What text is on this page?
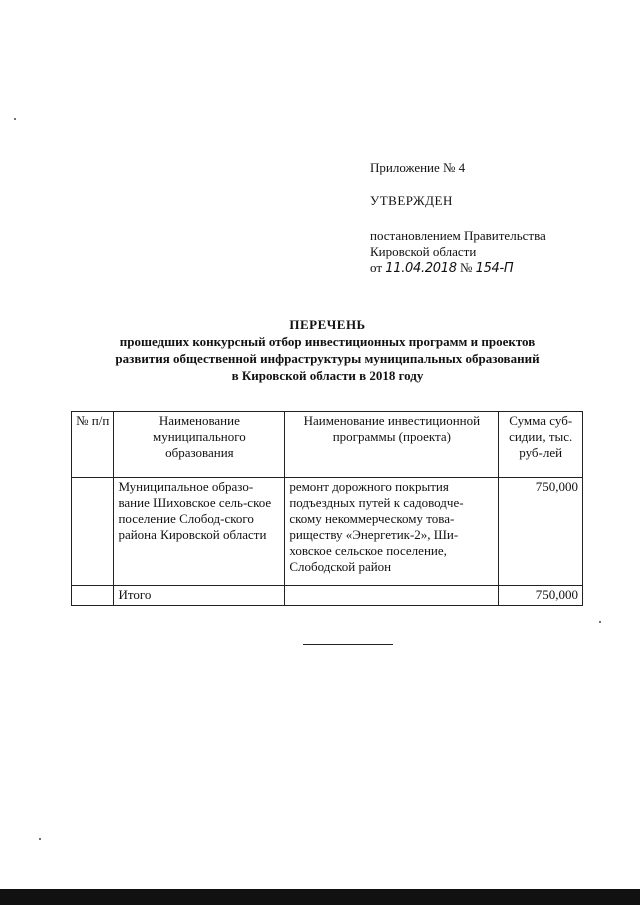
Приложение № 4
УТВЕРЖДЕН
постановлением Правительства
Кировской области
от 11.04.2018 № 154-П
ПЕРЕЧЕНЬ
прошедших конкурсный отбор инвестиционных программ и проектов
развития общественной инфраструктуры муниципальных образований
в Кировской области в 2018 году
№ п/п	Наименование муниципального образования	Наименование инвестиционной программы (проекта)	Сумма суб-сидии, тыс. руб-лей
	Муниципальное образо-вание Шиховское сель-ское поселение Слобод-ского района Кировской области	ремонт дорожного покрытия подъездных путей к садоводче-скому некоммерческому това-риществу «Энергетик-2», Ши-ховское сельское поселение, Слободской район	750,000
	Итого		750,000
